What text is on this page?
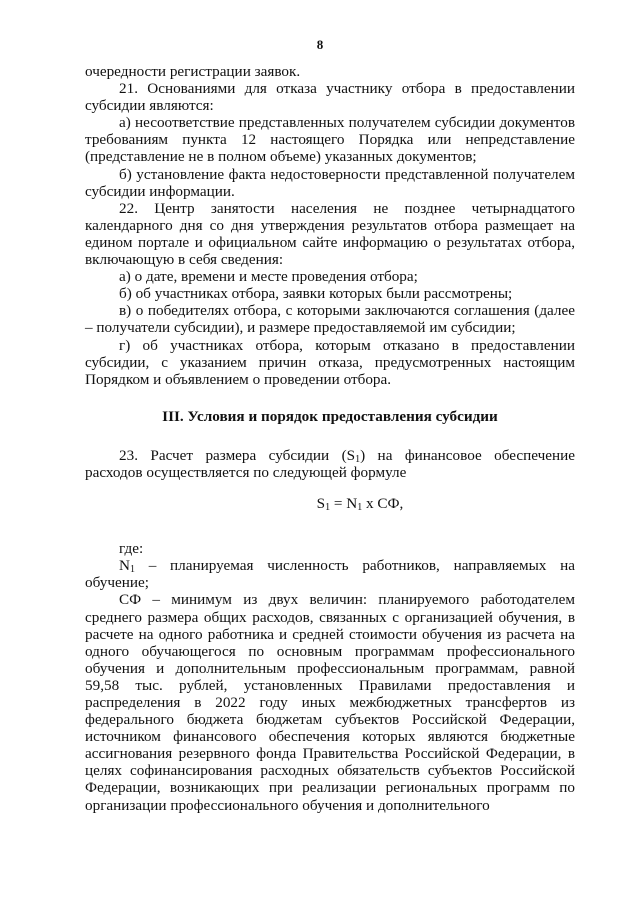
8

очередности регистрации заявок.

21. Основаниями для отказа участнику отбора в предоставлении субсидии являются:

а) несоответствие представленных получателем субсидии документов требованиям пункта 12 настоящего Порядка или непредставление (представление не в полном объеме) указанных документов;

б) установление факта недостоверности представленной получателем субсидии информации.

22. Центр занятости населения не позднее четырнадцатого календарного дня со дня утверждения результатов отбора размещает на едином портале и официальном сайте информацию о результатах отбора, включающую в себя сведения:

а) о дате, времени и месте проведения отбора;

б) об участниках отбора, заявки которых были рассмотрены;

в) о победителях отбора, с которыми заключаются соглашения (далее – получатели субсидии), и размере предоставляемой им субсидии;

г) об участниках отбора, которым отказано в предоставлении субсидии, с указанием причин отказа, предусмотренных настоящим Порядком и объявлением о проведении отбора.

III. Условия и порядок предоставления субсидии

23. Расчет размера субсидии $(S_1)$ на финансовое обеспечение расходов осуществляется по следующей формуле

$S_1 = N_1$ x СФ,

где:

$N_1$ – планируемая численность работников, направляемых на обучение;

СФ – минимум из двух величин: планируемого работодателем среднего размера общих расходов, связанных с организацией обучения, в расчете на одного работника и средней стоимости обучения из расчета на одного обучающегося по основным программам профессионального обучения и дополнительным профессиональным программам, равной 59,58 тыс. рублей, установленных Правилами предоставления и распределения в 2022 году иных межбюджетных трансфертов из федерального бюджета бюджетам субъектов Российской Федерации, источником финансового обеспечения которых являются бюджетные ассигнования резервного фонда Правительства Российской Федерации, в целях софинансирования расходных обязательств субъектов Российской Федерации, возникающих при реализации региональных программ по организации профессионального обучения и дополнительного
